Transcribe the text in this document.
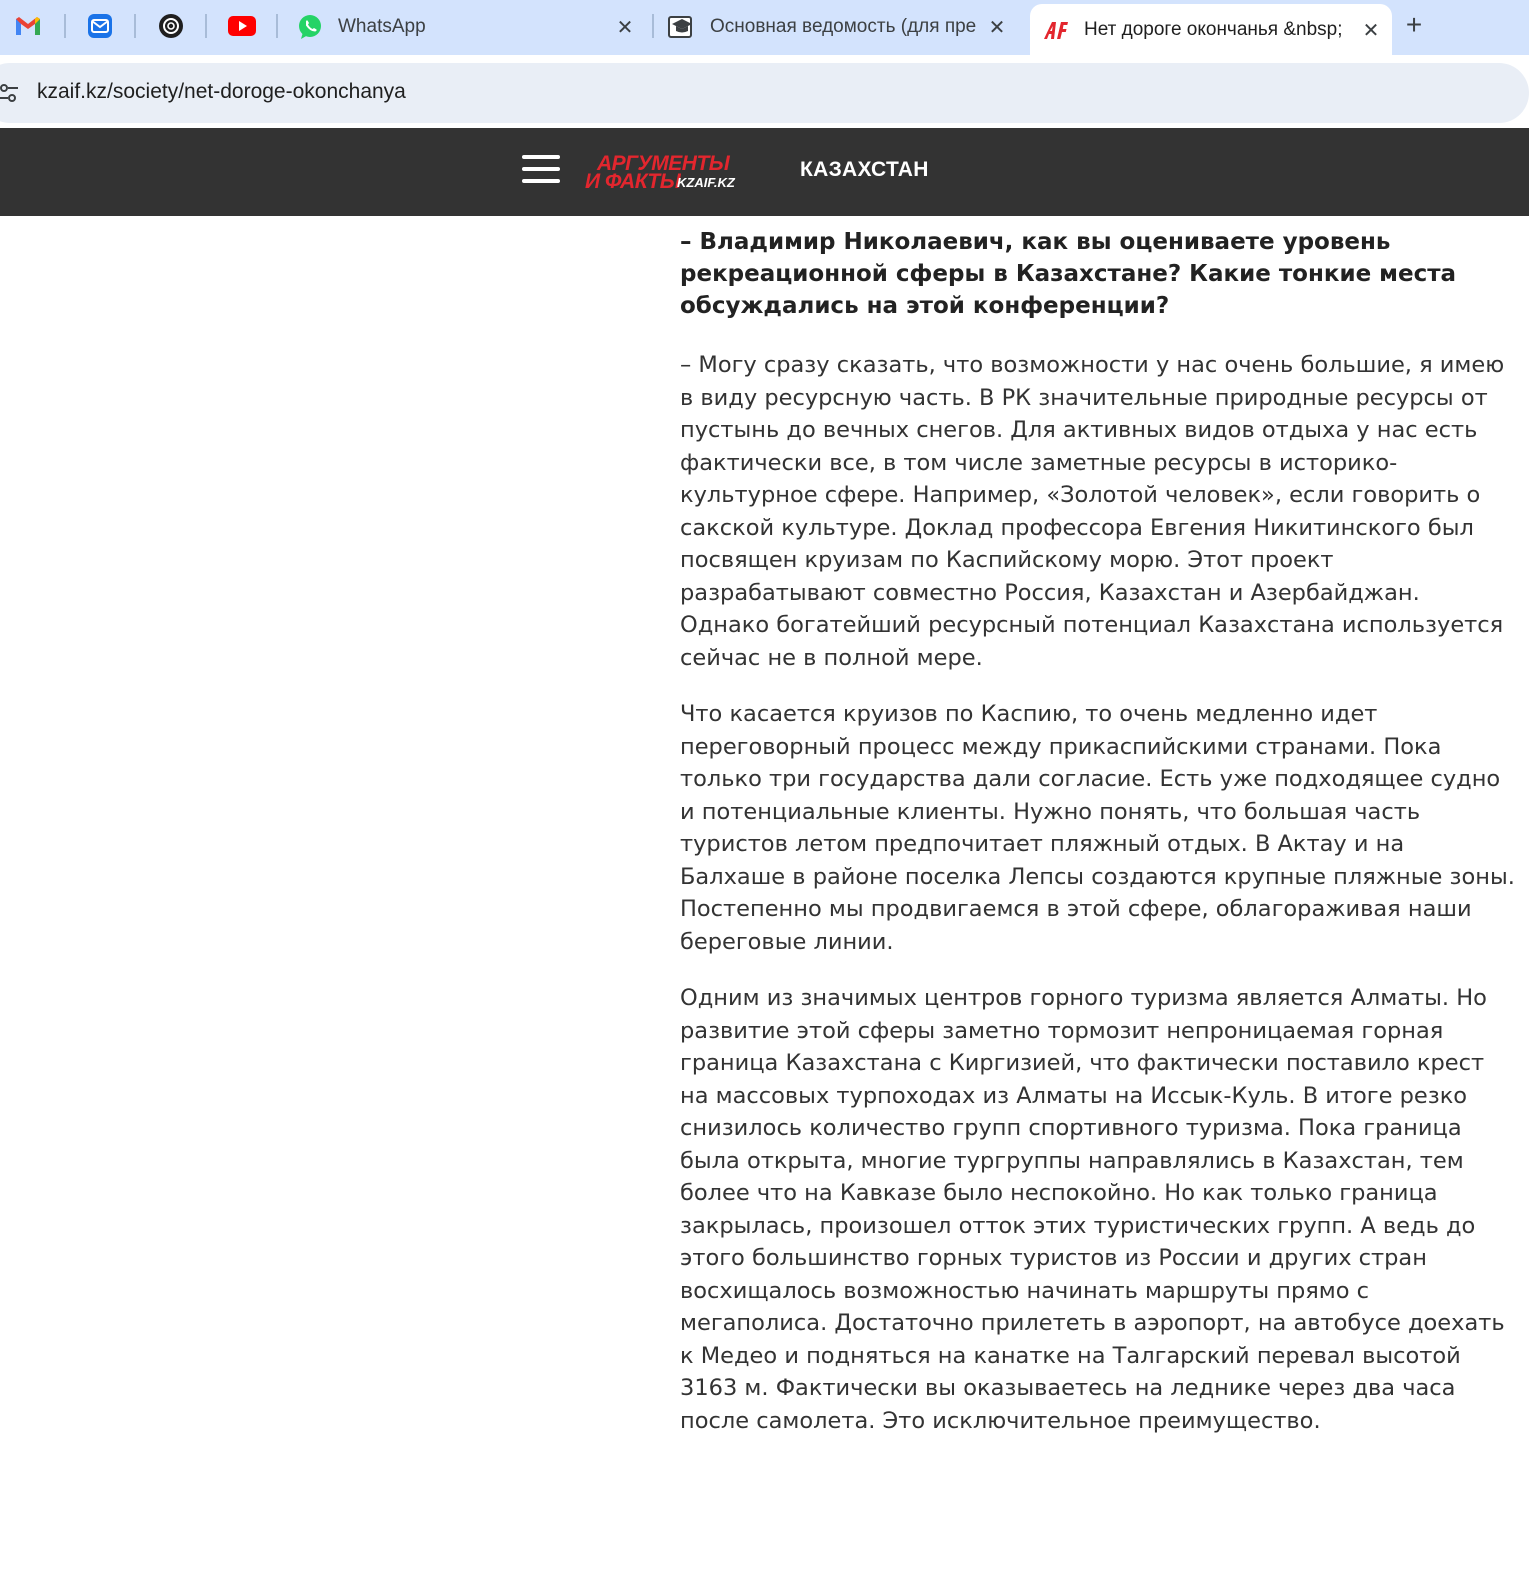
WhatsApp	✕	Основная ведомость (для пре ✕	Нет дороге окончанья &nbsp;	✕ +
kzaif.kz/society/net-doroge-okonchanya
АРГУМЕНТЫ
И ФАКТЫ
KZAIF.KZ
КАЗАХСТАН

– Владимир Николаевич, как вы оцениваете уровень рекреационной сферы в Казахстане? Какие тонкие места обсуждались на этой конференции?

– Могу сразу сказать, что возможности у нас очень большие, я имею в виду ресурсную часть. В РК значительные природные ресурсы от пустынь до вечных снегов. Для активных видов отдыха у нас есть фактически все, в том числе заметные ресурсы в историко-культурное сфере. Например, «Золотой человек», если говорить о сакской культуре. Доклад профессора Евгения Никитинского был посвящен круизам по Каспийскому морю. Этот проект разрабатывают совместно Россия, Казахстан и Азербайджан. Однако богатейший ресурсный потенциал Казахстана используется сейчас не в полной мере.

Что касается круизов по Каспию, то очень медленно идет переговорный процесс между прикаспийскими странами. Пока только три государства дали согласие. Есть уже подходящее судно и потенциальные клиенты. Нужно понять, что большая часть туристов летом предпочитает пляжный отдых. В Актау и на Балхаше в районе поселка Лепсы создаются крупные пляжные зоны. Постепенно мы продвигаемся в этой сфере, облагораживая наши береговые линии.

Одним из значимых центров горного туризма является Алматы. Но развитие этой сферы заметно тормозит непроницаемая горная граница Казахстана с Киргизией, что фактически поставило крест на массовых турпоходах из Алматы на Иссык-Куль. В итоге резко снизилось количество групп спортивного туризма. Пока граница была открыта, многие тургруппы направлялись в Казахстан, тем более что на Кавказе было неспокойно. Но как только граница закрылась, произошел отток этих туристических групп. А ведь до этого большинство горных туристов из России и других стран восхищалось возможностью начинать маршруты прямо с мегаполиса. Достаточно прилететь в аэропорт, на автобусе доехать к Медео и подняться на канатке на Талгарский перевал высотой 3163 м. Фактически вы оказываетесь на леднике через два часа после самолета. Это исключительное преимущество.
